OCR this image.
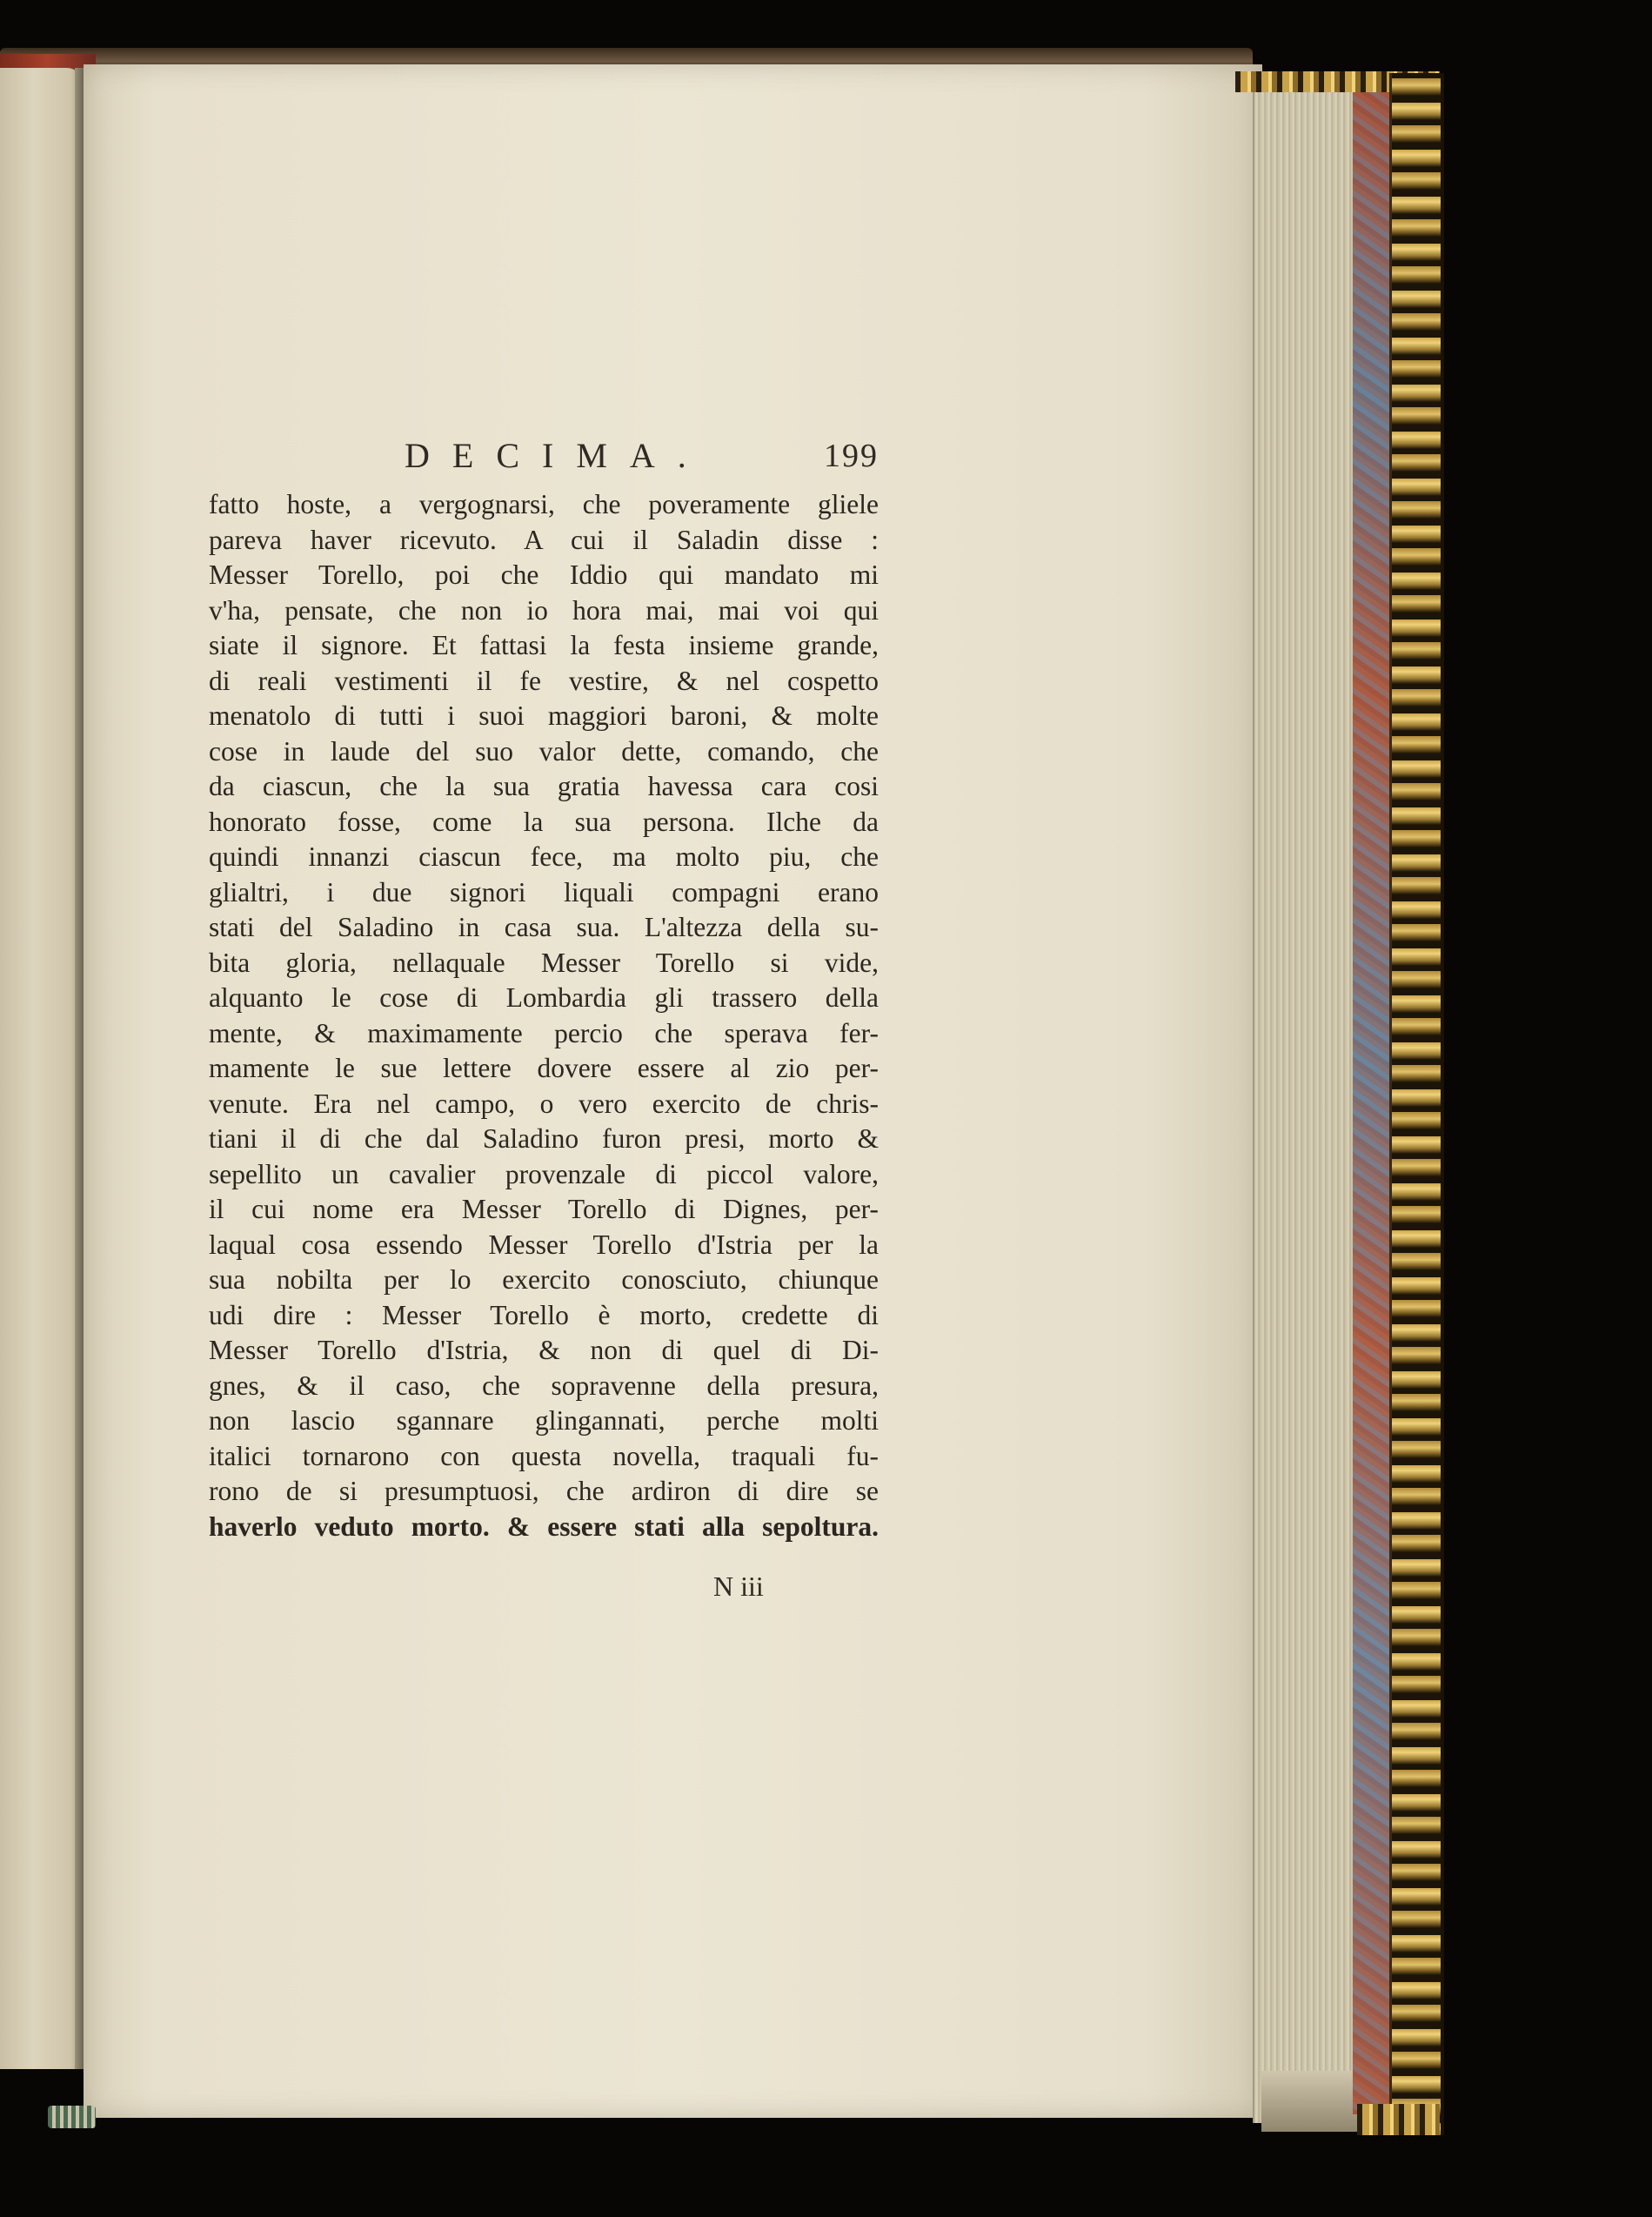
DECIMA.	199
fatto hoste, a vergognarsi, che poveramente gliele
pareva haver ricevuto. A cui il Saladin disse :
Messer Torello, poi che Iddio qui mandato mi
v'ha, pensate, che non io hora mai, mai voi qui
siate il signore. Et fattasi la festa insieme grande,
di reali vestimenti il fe vestire, & nel cospetto
menatolo di tutti i suoi maggiori baroni, & molte
cose in laude del suo valor dette, comando, che
da ciascun, che la sua gratia havessa cara cosi
honorato fosse, come la sua persona. Ilche da
quindi innanzi ciascun fece, ma molto piu, che
glialtri, i due signori liquali compagni erano
stati del Saladino in casa sua. L'altezza della su-
bita gloria, nellaquale Messer Torello si vide,
alquanto le cose di Lombardia gli trassero della
mente, & maximamente percio che sperava fer-
mamente le sue lettere dovere essere al zio per-
venute. Era nel campo, o vero exercito de chris-
tiani il di che dal Saladino furon presi, morto &
sepellito un cavalier provenzale di piccol valore,
il cui nome era Messer Torello di Dignes, per-
laqual cosa essendo Messer Torello d'Istria per la
sua nobilta per lo exercito conosciuto, chiunque
udi dire : Messer Torello è morto, credette di
Messer Torello d'Istria, & non di quel di Di-
gnes, & il caso, che sopravenne della presura,
non lascio sgannare glingannati, perche molti
italici tornarono con questa novella, traquali fu-
rono de si presumptuosi, che ardiron di dire se
haverlo veduto morto. & essere stati alla sepoltura.
N iii
